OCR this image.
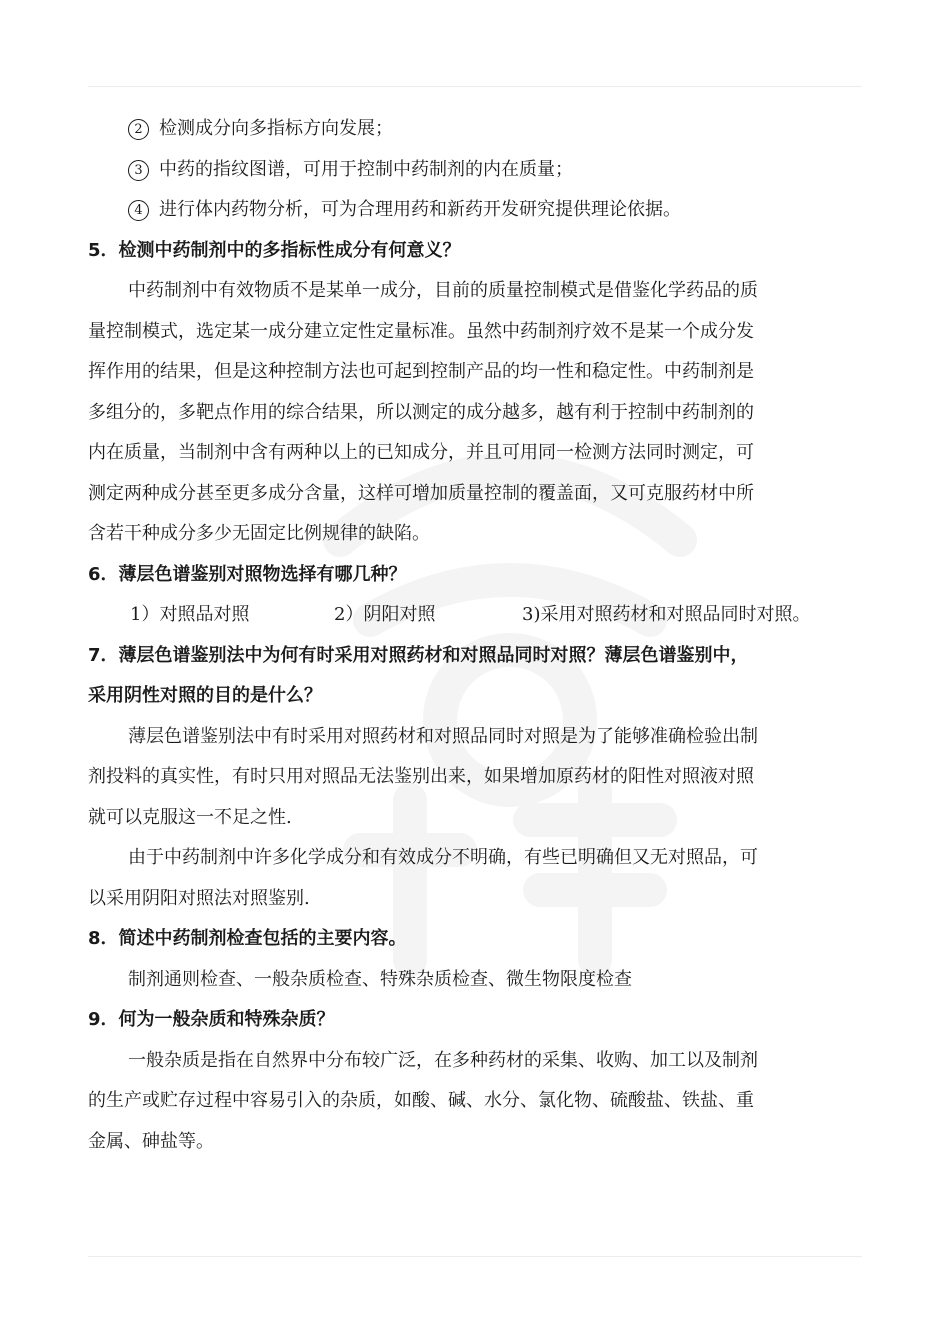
2 检测成分向多指标方向发展；
3 中药的指纹图谱，可用于控制中药制剂的内在质量；
4 进行体内药物分析，可为合理用药和新药开发研究提供理论依据。
5．检测中药制剂中的多指标性成分有何意义？
中药制剂中有效物质不是某单一成分，目前的质量控制模式是借鉴化学药品的质
量控制模式，选定某一成分建立定性定量标准。虽然中药制剂疗效不是某一个成分发
挥作用的结果，但是这种控制方法也可起到控制产品的均一性和稳定性。中药制剂是
多组分的，多靶点作用的综合结果，所以测定的成分越多，越有利于控制中药制剂的
内在质量，当制剂中含有两种以上的已知成分，并且可用同一检测方法同时测定，可
测定两种成分甚至更多成分含量，这样可增加质量控制的覆盖面，又可克服药材中所
含若干种成分多少无固定比例规律的缺陷。
6．薄层色谱鉴别对照物选择有哪几种？
1）对照品对照	2）阴阳对照	3)采用对照药材和对照品同时对照。
7．薄层色谱鉴别法中为何有时采用对照药材和对照品同时对照？薄层色谱鉴别中，
采用阴性对照的目的是什么？
薄层色谱鉴别法中有时采用对照药材和对照品同时对照是为了能够准确检验出制
剂投料的真实性，有时只用对照品无法鉴别出来，如果增加原药材的阳性对照液对照
就可以克服这一不足之性.
由于中药制剂中许多化学成分和有效成分不明确，有些已明确但又无对照品，可
以采用阴阳对照法对照鉴别.
8．简述中药制剂检查包括的主要内容。
制剂通则检查、一般杂质检查、特殊杂质检查、微生物限度检查
9．何为一般杂质和特殊杂质？
一般杂质是指在自然界中分布较广泛，在多种药材的采集、收购、加工以及制剂
的生产或贮存过程中容易引入的杂质，如酸、碱、水分、氯化物、硫酸盐、铁盐、重
金属、砷盐等。
